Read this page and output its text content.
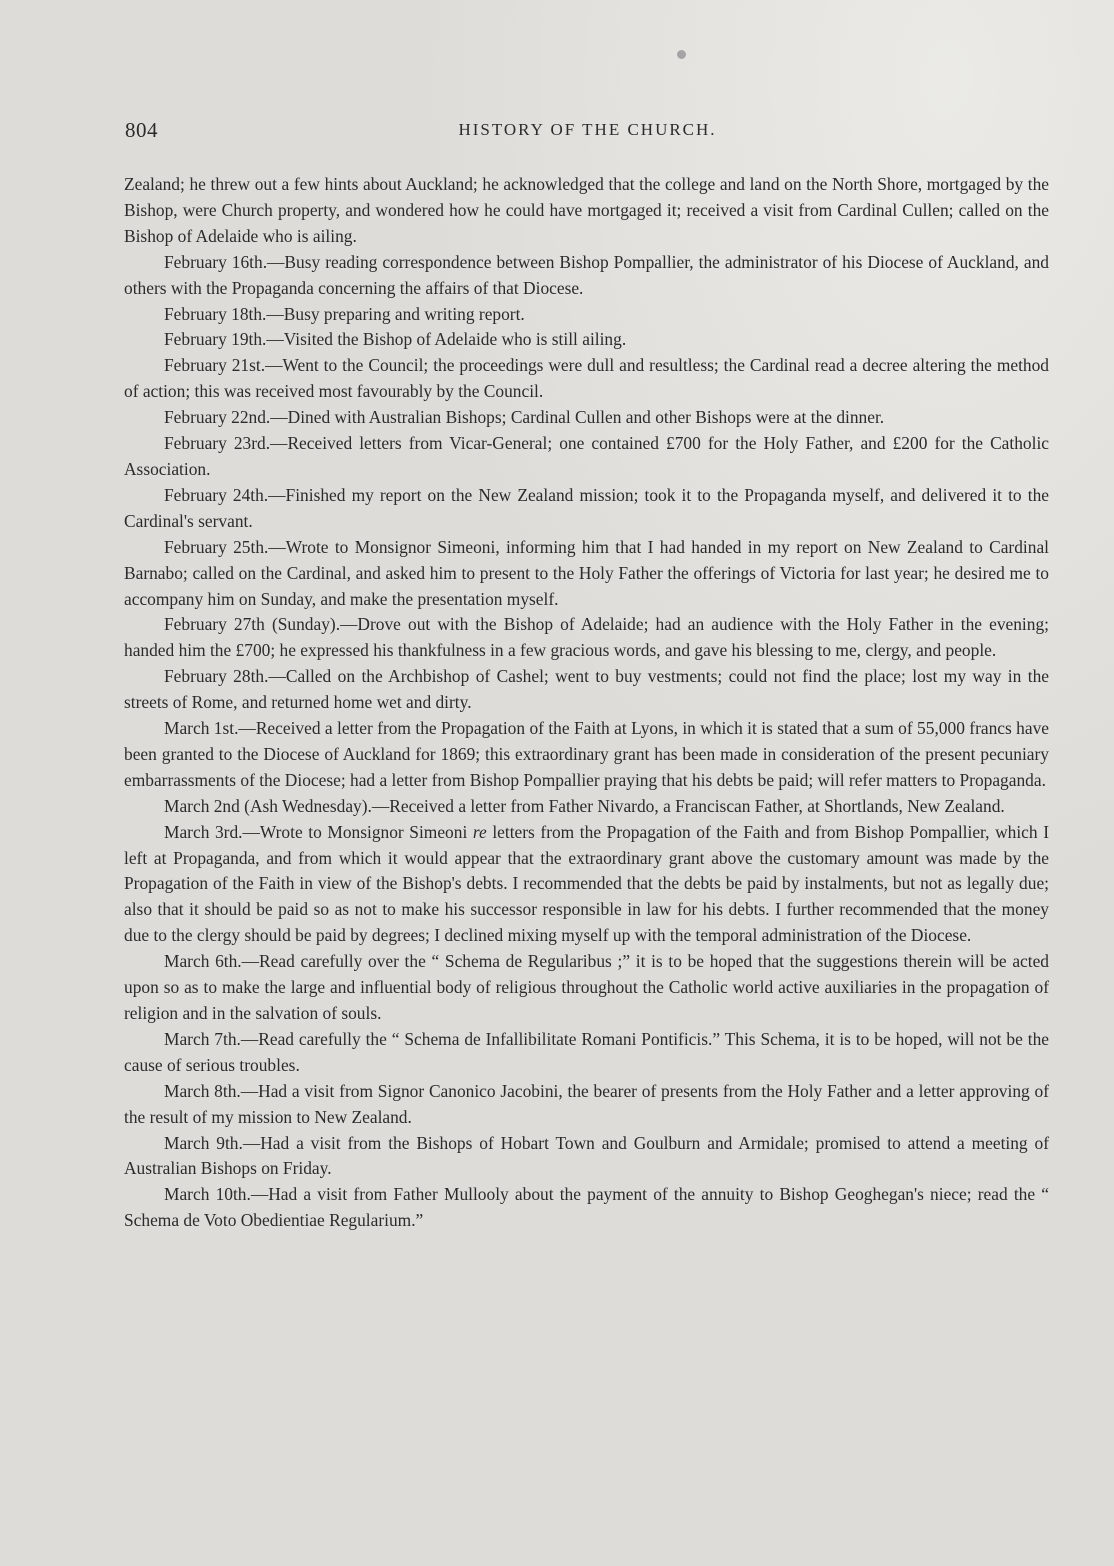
804	HISTORY OF THE CHURCH.

Zealand; he threw out a few hints about Auckland; he acknowledged that the college and land on the North Shore, mortgaged by the Bishop, were Church property, and wondered how he could have mortgaged it; received a visit from Cardinal Cullen; called on the Bishop of Adelaide who is ailing.

February 16th.—Busy reading correspondence between Bishop Pompallier, the administrator of his Diocese of Auckland, and others with the Propaganda concerning the affairs of that Diocese.

February 18th.—Busy preparing and writing report.

February 19th.—Visited the Bishop of Adelaide who is still ailing.

February 21st.—Went to the Council; the proceedings were dull and resultless; the Cardinal read a decree altering the method of action; this was received most favourably by the Council.

February 22nd.—Dined with Australian Bishops; Cardinal Cullen and other Bishops were at the dinner.

February 23rd.—Received letters from Vicar-General; one contained £700 for the Holy Father, and £200 for the Catholic Association.

February 24th.—Finished my report on the New Zealand mission; took it to the Propaganda myself, and delivered it to the Cardinal's servant.

February 25th.—Wrote to Monsignor Simeoni, informing him that I had handed in my report on New Zealand to Cardinal Barnabo; called on the Cardinal, and asked him to present to the Holy Father the offerings of Victoria for last year; he desired me to accompany him on Sunday, and make the presentation myself.

February 27th (Sunday).—Drove out with the Bishop of Adelaide; had an audience with the Holy Father in the evening; handed him the £700; he expressed his thankfulness in a few gracious words, and gave his blessing to me, clergy, and people.

February 28th.—Called on the Archbishop of Cashel; went to buy vestments; could not find the place; lost my way in the streets of Rome, and returned home wet and dirty.

March 1st.—Received a letter from the Propagation of the Faith at Lyons, in which it is stated that a sum of 55,000 francs have been granted to the Diocese of Auckland for 1869; this extraordinary grant has been made in consideration of the present pecuniary embarrassments of the Diocese; had a letter from Bishop Pompallier praying that his debts be paid; will refer matters to Propaganda.

March 2nd (Ash Wednesday).—Received a letter from Father Nivardo, a Franciscan Father, at Shortlands, New Zealand.

March 3rd.—Wrote to Monsignor Simeoni re letters from the Propagation of the Faith and from Bishop Pompallier, which I left at Propaganda, and from which it would appear that the extraordinary grant above the customary amount was made by the Propagation of the Faith in view of the Bishop's debts. I recommended that the debts be paid by instalments, but not as legally due; also that it should be paid so as not to make his successor responsible in law for his debts. I further recommended that the money due to the clergy should be paid by degrees; I declined mixing myself up with the temporal administration of the Diocese.

March 6th.—Read carefully over the “ Schema de Regularibus ;” it is to be hoped that the suggestions therein will be acted upon so as to make the large and influential body of religious throughout the Catholic world active auxiliaries in the propagation of religion and in the salvation of souls.

March 7th.—Read carefully the “ Schema de Infallibilitate Romani Pontificis.” This Schema, it is to be hoped, will not be the cause of serious troubles.

March 8th.—Had a visit from Signor Canonico Jacobini, the bearer of presents from the Holy Father and a letter approving of the result of my mission to New Zealand.

March 9th.—Had a visit from the Bishops of Hobart Town and Goulburn and Armidale; promised to attend a meeting of Australian Bishops on Friday.

March 10th.—Had a visit from Father Mullooly about the payment of the annuity to Bishop Geoghegan's niece; read the “ Schema de Voto Obedientiae Regularium.”
